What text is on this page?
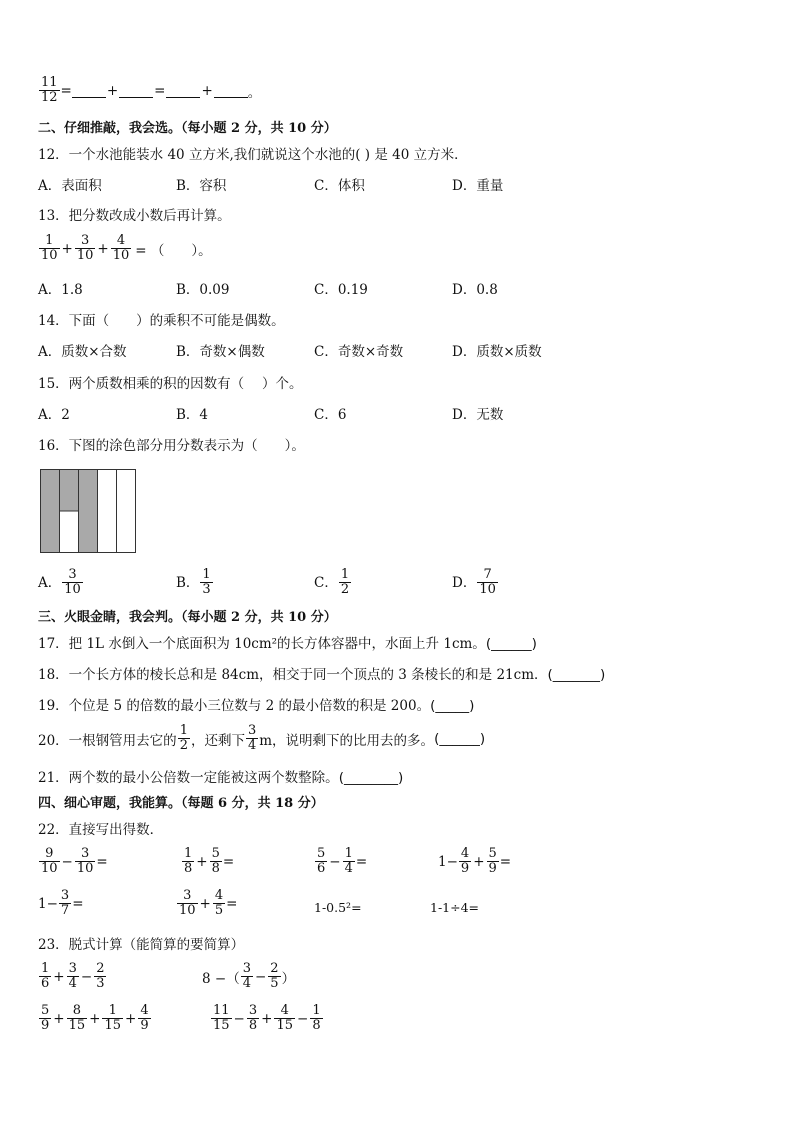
$\frac{11}{12}$ =	+	=	+	。
二、仔细推敲，我会选。（每小题 2 分，共 10 分）
12．一个水池能装水 40 立方米,我们就说这个水池的( ) 是 40 立方米．
A．表面积	B．容积	C．体积	D．重量
13．把分数改成小数后再计算。
$\frac{1}{10} + \frac{3}{10} + \frac{4}{10}$ = （　　）。
A．1.8	B．0.09	C．0.19	D．0.8
14．下面（　　）的乘积不可能是偶数。
A．质数×合数	B．奇数×偶数	C．奇数×奇数	D．质数×质数
15．两个质数相乘的积的因数有（　 ）个。
A．2	B．4	C．6	D．无数
16．下图的涂色部分用分数表示为（　　）。
A． $\frac{3}{10}$	B． $\frac{1}{3}$	C． $\frac{1}{2}$	D． $\frac{7}{10}$
三、火眼金睛，我会判。（每小题 2 分，共 10 分）
17．把 1L 水倒入一个底面积为 10cm²的长方体容器中，水面上升 1cm。(______)
18．一个长方体的棱长总和是 84cm，相交于同一个顶点的 3 条棱长的和是 21cm．(_______)
19．个位是 5 的倍数的最小三位数与 2 的最小倍数的积是 200。(_____)
20．一根钢管用去它的 $\frac{1}{2}$ ，还剩下 $\frac{3}{4}$ m，说明剩下的比用去的多。 (______)
21．两个数的最小公倍数一定能被这两个数整除。(________)
四、细心审题，我能算。（每题 6 分，共 18 分）
22．直接写出得数．
$\frac{9}{10} - \frac{3}{10}$ =	$\frac{1}{8} + \frac{5}{8}$ =	$\frac{5}{6} - \frac{1}{4}$ =	$1- \frac{4}{9} + \frac{5}{9}$ =
$1- \frac{3}{7}$ =	$\frac{3}{10} + \frac{4}{5}$ =	1-0.5²=	1-1÷4=
23．脱式计算（能简算的要简算）
$\frac{1}{6} + \frac{3}{4} - \frac{2}{3}$	8 −（ $\frac{3}{4} - \frac{2}{5}$ ）
$\frac{5}{9} + \frac{8}{15} + \frac{1}{15} + \frac{4}{9}$	$\frac{11}{15} - \frac{3}{8} + \frac{4}{15} - \frac{1}{8}$
